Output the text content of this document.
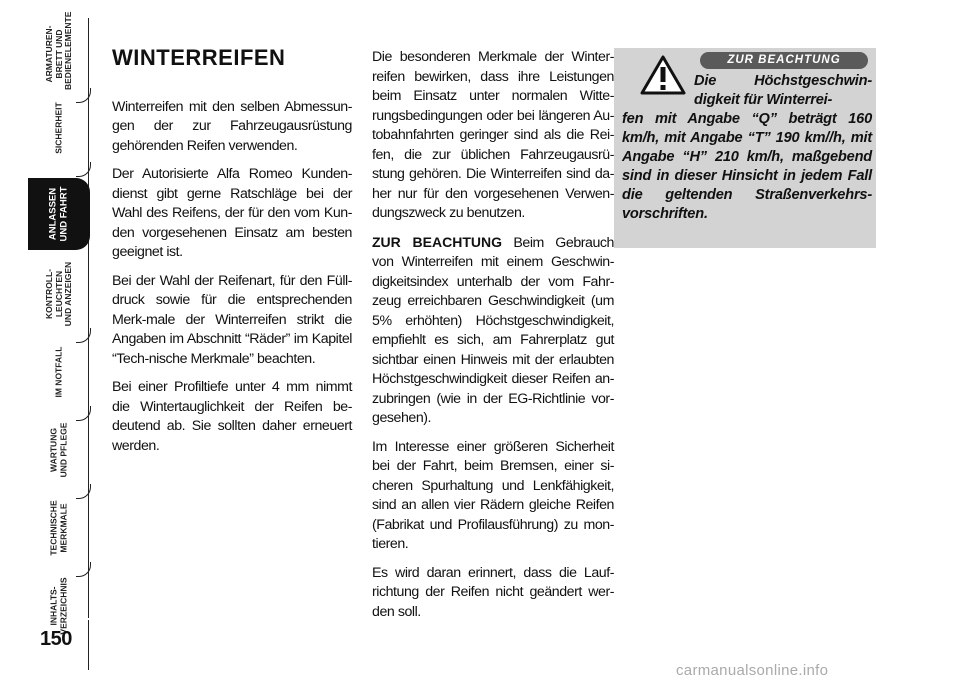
ARMATUREN-
BRETT UND
BEDIENELEMENTE
SICHERHEIT
ANLASSEN
UND FAHRT
KONTROLL-
LEUCHTEN
UND ANZEIGEN
IM NOTFALL
WARTUNG
UND PFLEGE
TECHNISCHE
MERKMALE
INHALTS-
VERZEICHNIS
150

WINTERREIFEN

Winterreifen mit den selben Abmessun-gen der zur Fahrzeugausrüstung gehörenden Reifen verwenden.

Der Autorisierte Alfa Romeo Kunden-dienst gibt gerne Ratschläge bei der Wahl des Reifens, der für den vom Kun-den vorgesehenen Einsatz am besten geeignet ist.

Bei der Wahl der Reifenart, für den Füll-druck sowie für die entsprechenden Merk-male der Winterreifen strikt die Angaben im Abschnitt “Räder” im Kapitel “Tech-nische Merkmale” beachten.

Bei einer Profiltiefe unter 4 mm nimmt die Wintertauglichkeit der Reifen be-deutend ab. Sie sollten daher erneuert werden.

Die besonderen Merkmale der Winter-reifen bewirken, dass ihre Leistungen beim Einsatz unter normalen Witte-rungsbedingungen oder bei längeren Au-tobahnfahrten geringer sind als die Rei-fen, die zur üblichen Fahrzeugausrü-stung gehören. Die Winterreifen sind da-her nur für den vorgesehenen Verwen-dungszweck zu benutzen.

ZUR BEACHTUNG Beim Gebrauch von Winterreifen mit einem Geschwin-digkeitsindex unterhalb der vom Fahr-zeug erreichbaren Geschwindigkeit (um 5% erhöhten) Höchstgeschwindigkeit, empfiehlt es sich, am Fahrerplatz gut sichtbar einen Hinweis mit der erlaubten Höchstgeschwindigkeit dieser Reifen an-zubringen (wie in der EG-Richtlinie vor-gesehen).

Im Interesse einer größeren Sicherheit bei der Fahrt, beim Bremsen, einer si-cheren Spurhaltung und Lenkfähigkeit, sind an allen vier Rädern gleiche Reifen (Fabrikat und Profilausführung) zu mon-tieren.

Es wird daran erinnert, dass die Lauf-richtung der Reifen nicht geändert wer-den soll.

ZUR BEACHTUNG
Die Höchstgeschwin-digkeit für Winterrei-
fen mit Angabe “Q” beträgt 160 km/h, mit Angabe “T” 190 km//h, mit Angabe “H” 210 km/h, maßgebend sind in dieser Hinsicht in jedem Fall die geltenden Straßenverkehrs-vorschriften.
carmanualsonline.info
